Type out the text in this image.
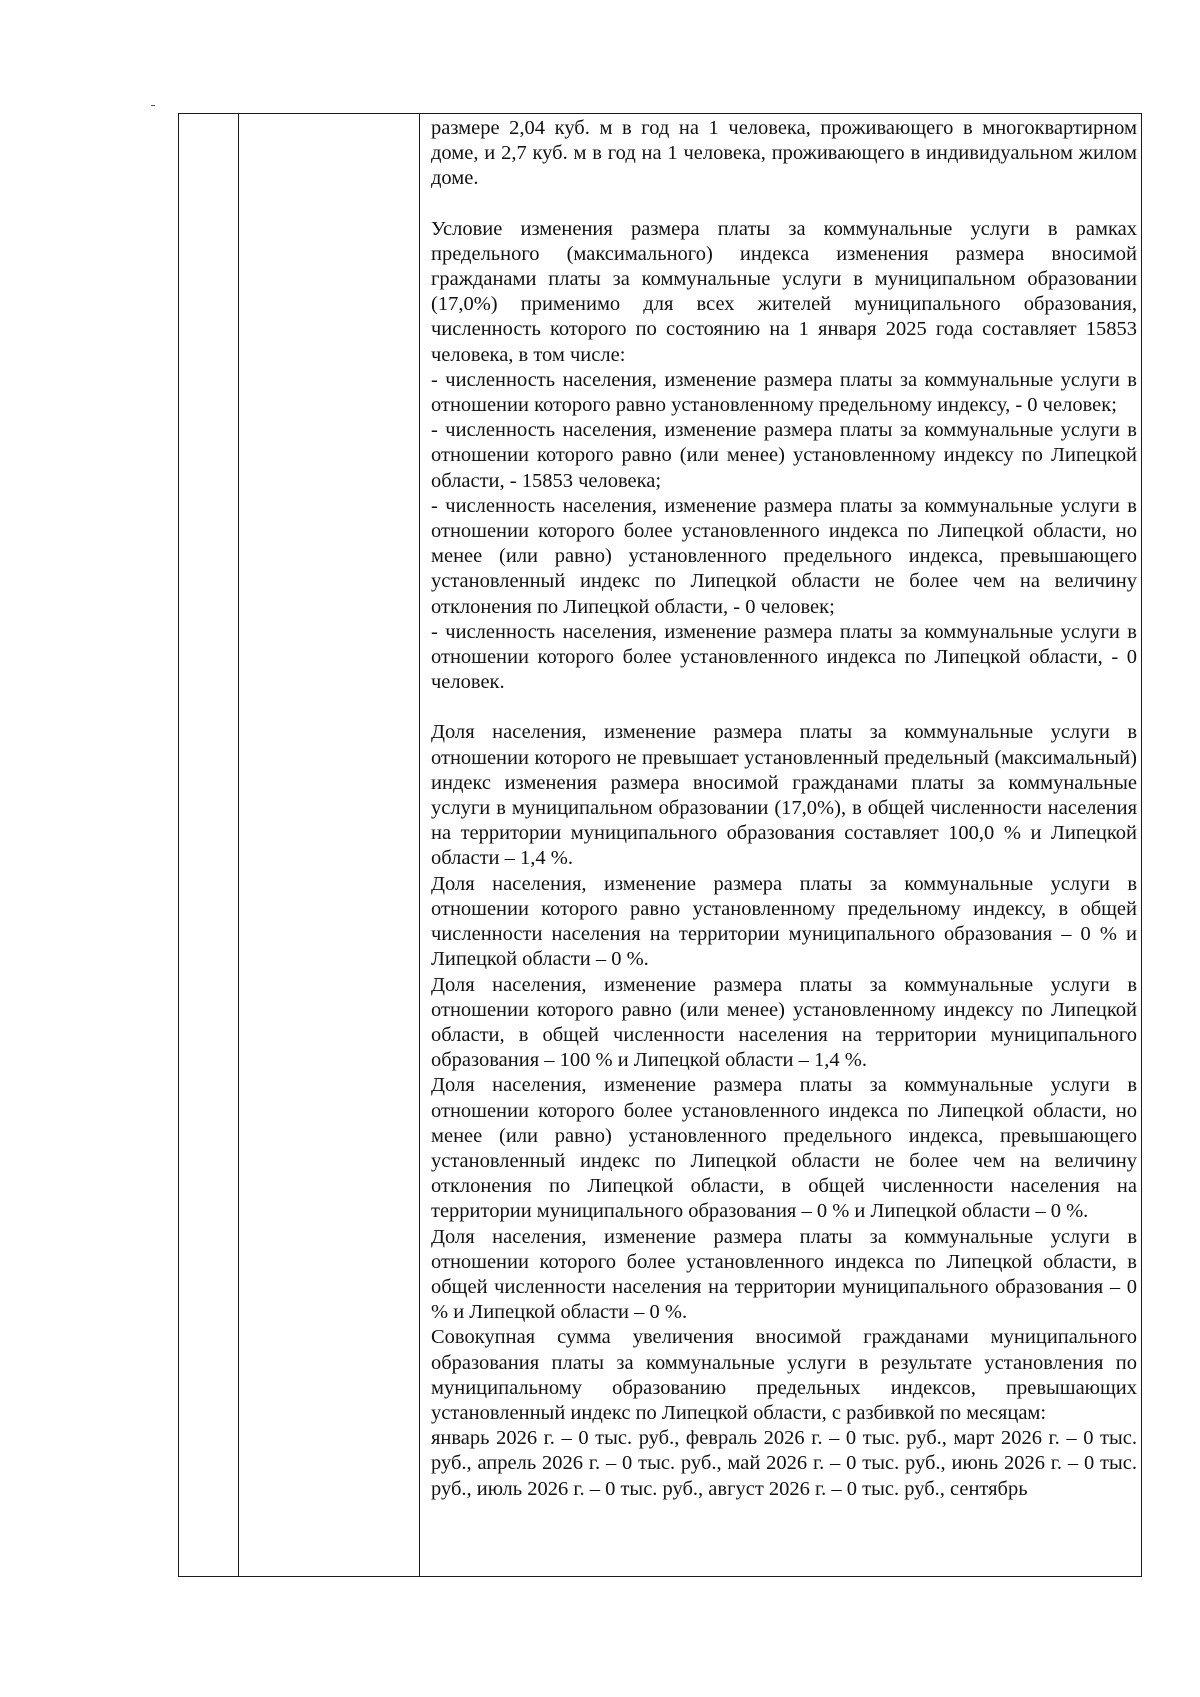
размере 2,04 куб. м в год на 1 человека, проживающего в многоквартирном доме, и 2,7 куб. м в год на 1 человека, проживающего в индивидуальном жилом доме.

Условие изменения размера платы за коммунальные услуги в рамках предельного (максимального) индекса изменения размера вносимой гражданами платы за коммунальные услуги в муниципальном образовании (17,0%) применимо для всех жителей муниципального образования, численность которого по состоянию на 1 января 2025 года составляет 15853 человека, в том числе:

- численность населения, изменение размера платы за коммунальные услуги в отношении которого равно установленному предельному индексу, - 0 человек;

- численность населения, изменение размера платы за коммунальные услуги в отношении которого равно (или менее) установленному индексу по Липецкой области, - 15853 человека;

- численность населения, изменение размера платы за коммунальные услуги в отношении которого более установленного индекса по Липецкой области, но менее (или равно) установленного предельного индекса, превышающего установленный индекс по Липецкой области не более чем на величину отклонения по Липецкой области, - 0 человек;

- численность населения, изменение размера платы за коммунальные услуги в отношении которого более установленного индекса по Липецкой области, - 0 человек.

Доля населения, изменение размера платы за коммунальные услуги в отношении которого не превышает установленный предельный (максимальный) индекс изменения размера вносимой гражданами платы за коммунальные услуги в муниципальном образовании (17,0%), в общей численности населения на территории муниципального образования составляет 100,0 % и Липецкой области – 1,4 %.

Доля населения, изменение размера платы за коммунальные услуги в отношении которого равно установленному предельному индексу, в общей численности населения на территории муниципального образования – 0 % и Липецкой области – 0 %.

Доля населения, изменение размера платы за коммунальные услуги в отношении которого равно (или менее) установленному индексу по Липецкой области, в общей численности населения на территории муниципального образования – 100 % и Липецкой области – 1,4 %.

Доля населения, изменение размера платы за коммунальные услуги в отношении которого более установленного индекса по Липецкой области, но менее (или равно) установленного предельного индекса, превышающего установленный индекс по Липецкой области не более чем на величину отклонения по Липецкой области, в общей численности населения на территории муниципального образования – 0 % и Липецкой области – 0 %.

Доля населения, изменение размера платы за коммунальные услуги в отношении которого более установленного индекса по Липецкой области, в общей численности населения на территории муниципального образования – 0 % и Липецкой области – 0 %.

Совокупная сумма увеличения вносимой гражданами муниципального образования платы за коммунальные услуги в результате установления по муниципальному образованию предельных индексов, превышающих установленный индекс по Липецкой области, с разбивкой по месяцам:

январь 2026 г. – 0 тыс. руб., февраль 2026 г. – 0 тыс. руб., март 2026 г. – 0 тыс. руб., апрель 2026 г. – 0 тыс. руб., май 2026 г. – 0 тыс. руб., июнь 2026 г. – 0 тыс. руб., июль 2026 г. – 0 тыс. руб., август 2026 г. – 0 тыс. руб., сентябрь
